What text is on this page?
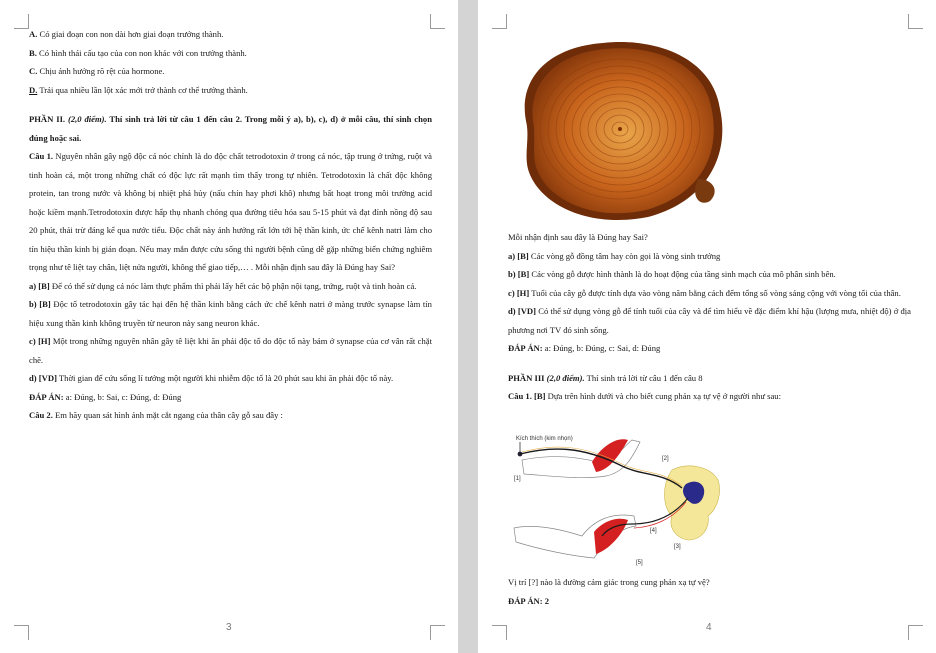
A. Có giai đoạn con non dài hơn giai đoạn trưởng thành.

B. Có hình thái cấu tạo của con non khác với con trưởng thành.

C. Chịu ảnh hưởng rõ rệt của hormone.

D. Trải qua nhiều lần lột xác mới trở thành cơ thể trưởng thành.

PHẦN II. (2,0 điểm). Thí sinh trả lời từ câu 1 đến câu 2. Trong mỗi ý a), b), c), d) ở mỗi câu, thí sinh chọn đúng hoặc sai.

Câu 1. Nguyên nhân gây ngộ độc cá nóc chính là do độc chất tetrodotoxin ở trong cá nóc, tập trung ở trứng, ruột và tinh hoàn cá, một trong những chất có độc lực rất mạnh tìm thấy trong tự nhiên. Tetrodotoxin là chất độc không protein, tan trong nước và không bị nhiệt phá hủy (nấu chín hay phơi khô) nhưng bất hoạt trong môi trường acid hoặc kiềm mạnh.Tetrodotoxin được hấp thụ nhanh chóng qua đường tiêu hóa sau 5-15 phút và đạt đỉnh nồng độ sau 20 phút, thải trừ đáng kể qua nước tiểu. Độc chất này ảnh hưởng rất lớn tới hệ thần kinh, ức chế kênh natri làm cho tín hiệu thần kinh bị gián đoạn. Nếu may mắn được cứu sống thì người bệnh cũng dễ gặp những biến chứng nghiêm trọng như tê liệt tay chân, liệt nửa người, không thể giao tiếp,… . Mỗi nhận định sau đây là Đúng hay Sai?

a) [B] Để có thể sử dụng cá nóc làm thực phẩm thì phải lấy hết các bộ phận nội tạng, trứng, ruột và tinh hoàn cá.

b) [B] Độc tố tetrodotoxin gây tác hại đến hệ thần kinh bằng cách ức chế kênh natri ở màng trước synapse làm tín hiệu xung thần kinh không truyền từ neuron này sang neuron khác.

c) [H] Một trong những nguyên nhân gây tê liệt khi ăn phải độc tố do độc tố này bám ở synapse của cơ vân rất chặt chẽ.

d) [VD] Thời gian để cứu sống lí tưởng một người khi nhiễm độc tố là 20 phút sau khi ăn phải độc tố này.

ĐÁP ÁN: a: Đúng, b: Sai, c: Đúng, d: Đúng

Câu 2. Em hãy quan sát hình ảnh mặt cắt ngang của thân cây gỗ sau đây :

3

Mỗi nhận định sau đây là Đúng hay Sai?

a) [B] Các vòng gỗ đồng tâm hay còn gọi là vòng sinh trưởng

b) [B] Các vòng gỗ được hình thành là do hoạt động của tầng sinh mạch của mô phân sinh bên.

c) [H] Tuổi của cây gỗ được tính dựa vào vòng năm bằng cách đếm tổng số vòng sáng cộng với vòng tối của thân.

d) [VD] Có thể sử dụng vòng gỗ để tính tuổi của cây và để tìm hiểu về đặc điểm khí hậu (lượng mưa, nhiệt độ) ở địa phương nơi TV đó sinh sống.

ĐÁP ÁN: a: Đúng, b: Đúng, c: Sai, d: Đúng

PHẦN III (2,0 điểm). Thí sinh trả lời từ câu 1 đến câu 8

Câu 1. [B] Dựa trên hình dưới và cho biết cung phản xạ tự vệ ở người như sau:

Kích thích (kim nhọn)
[1]
[2]
[3]
[4]
[5]

Vị trí [?] nào là đường cảm giác trong cung phản xạ tự vệ?

ĐÁP ÁN: 2

4
